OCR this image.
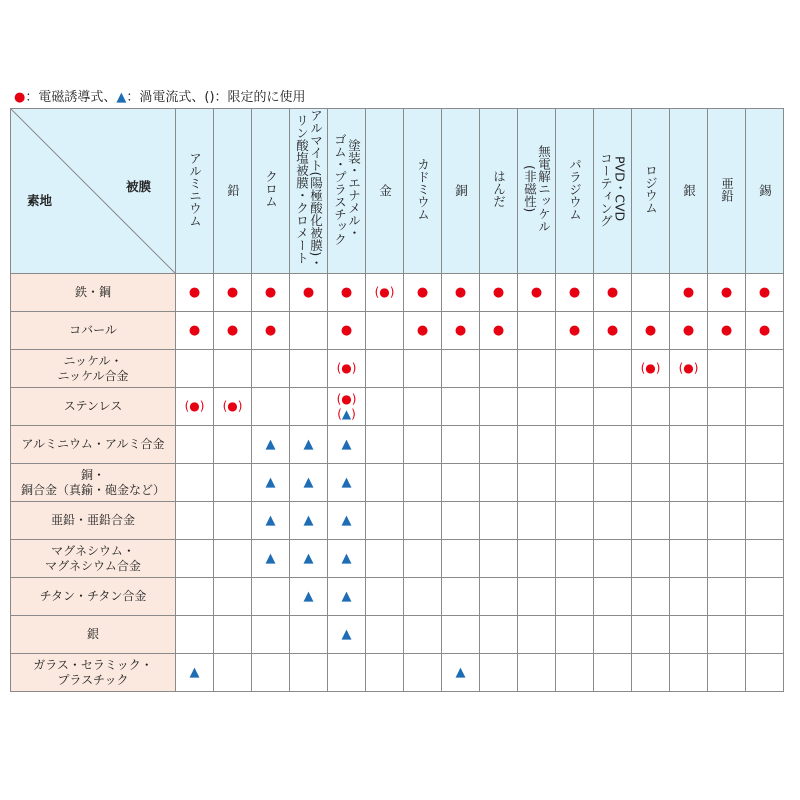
●：電磁誘導式、▲：渦電流式、()：限定的に使用
被膜
素地	アルミニウム	鉛	クロム	アルマイト(陽極酸化被膜)・
リン酸塩被膜・クロメート	塗装・エナメル・
ゴム・プラスチック	金	カドミウム	銅	はんだ	無電解ニッケル
(非磁性)	パラジウム	PVD・CVD
コーティング	ロジウム	銀	亜鉛	錫
鉄・鋼	●	●	●	●	●	(●)	●	●	●	●	●	●		●	●	●

コバール	●	●	●		●		●	●	●		●	●	●	●	●	●

ニッケル・
ニッケル合金					(●)								(●)	(●)		

ステンレス	(●)	(●)			(●)
(▲)											

アルミニウム・アルミ合金			▲	▲	▲											

銅・
銅合金（真鍮・砲金など）			▲	▲	▲											

亜鉛・亜鉛合金			▲	▲	▲											

マグネシウム・
マグネシウム合金			▲	▲	▲											

チタン・チタン合金				▲	▲											

銀					▲											

ガラス・セラミック・
プラスチック	▲							▲								
